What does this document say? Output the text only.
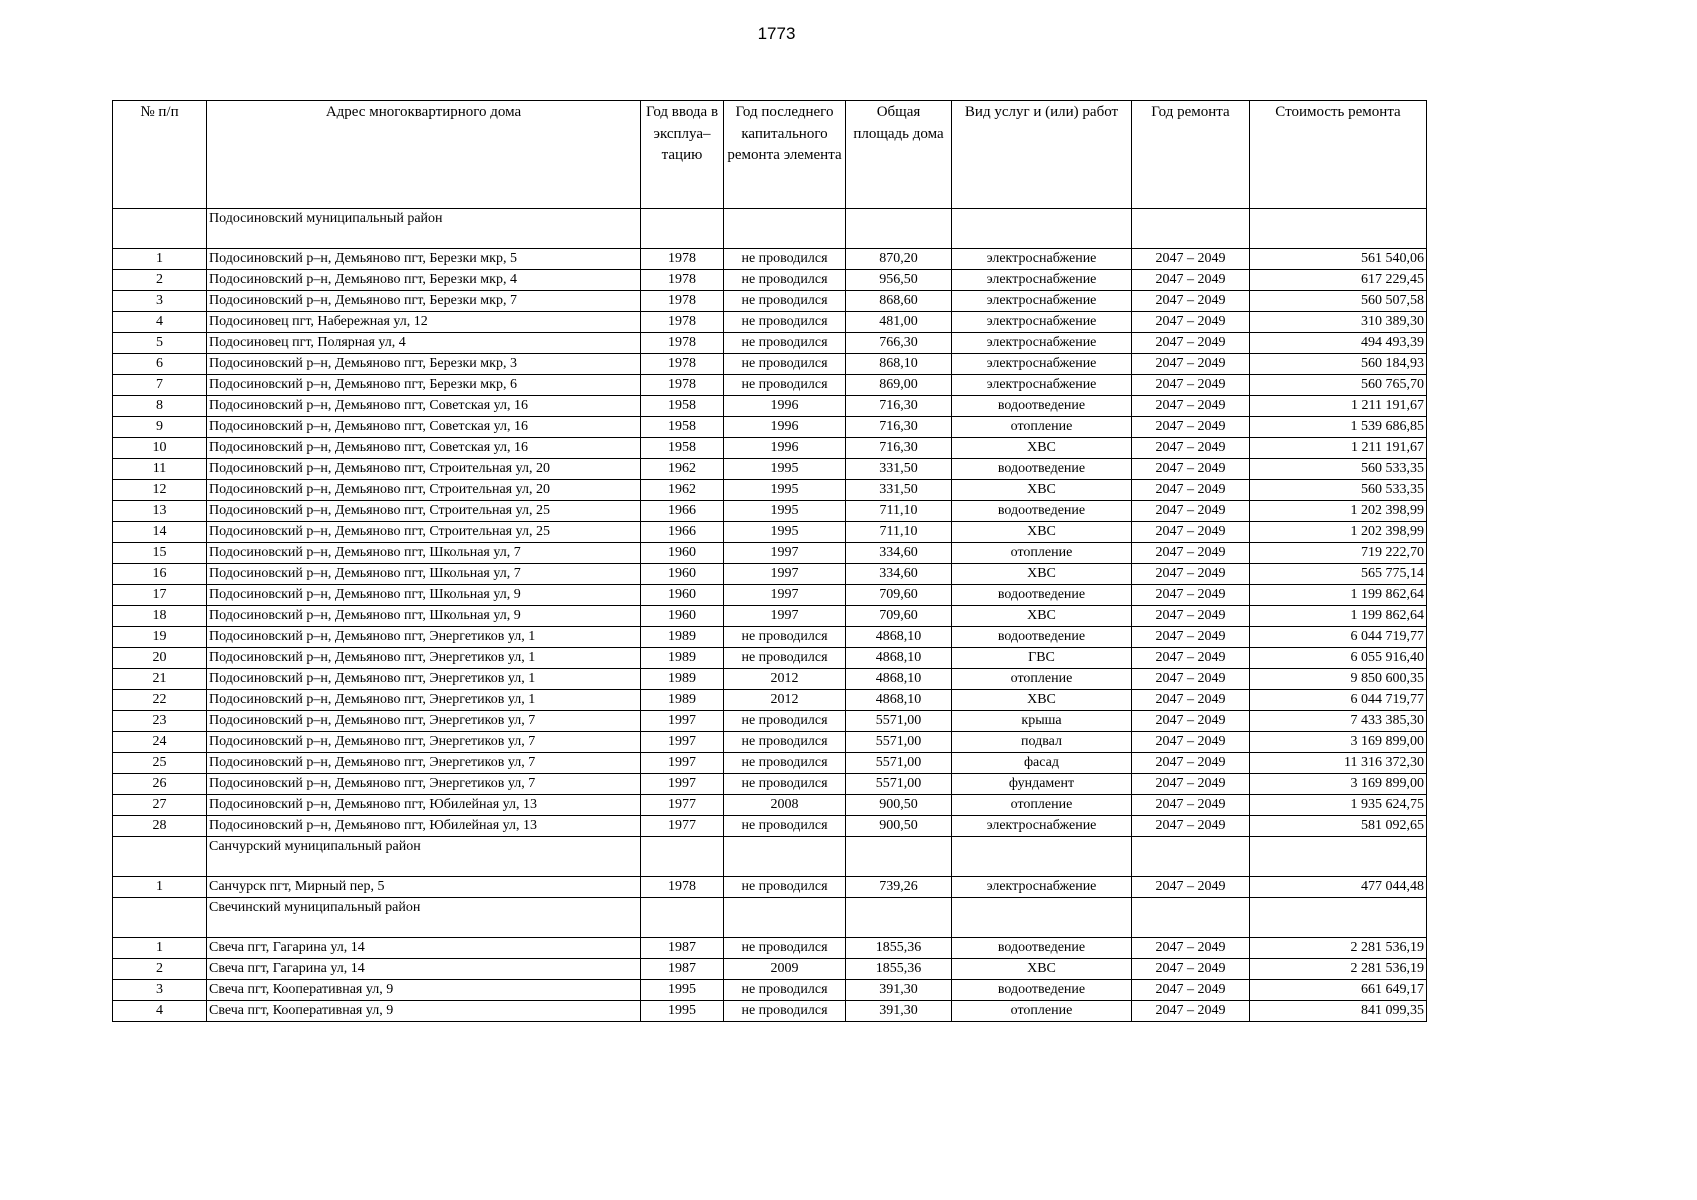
1773
№ п/п	Адрес многоквартирного дома	Год ввода в эксплуа– тацию	Год последнего капитального ремонта элемента	Общая площадь дома	Вид услуг и (или) работ	Год ремонта	Стоимость ремонта
	Подосиновский муниципальный район						
1	Подосиновский р–н, Демьяново пгт, Березки мкр, 5	1978	не проводился	870,20	электроснабжение	2047 – 2049	561 540,06
2	Подосиновский р–н, Демьяново пгт, Березки мкр, 4	1978	не проводился	956,50	электроснабжение	2047 – 2049	617 229,45
3	Подосиновский р–н, Демьяново пгт, Березки мкр, 7	1978	не проводился	868,60	электроснабжение	2047 – 2049	560 507,58
4	Подосиновец пгт, Набережная ул, 12	1978	не проводился	481,00	электроснабжение	2047 – 2049	310 389,30
5	Подосиновец пгт, Полярная ул, 4	1978	не проводился	766,30	электроснабжение	2047 – 2049	494 493,39
6	Подосиновский р–н, Демьяново пгт, Березки мкр, 3	1978	не проводился	868,10	электроснабжение	2047 – 2049	560 184,93
7	Подосиновский р–н, Демьяново пгт, Березки мкр, 6	1978	не проводился	869,00	электроснабжение	2047 – 2049	560 765,70
8	Подосиновский р–н, Демьяново пгт, Советская ул, 16	1958	1996	716,30	водоотведение	2047 – 2049	1 211 191,67
9	Подосиновский р–н, Демьяново пгт, Советская ул, 16	1958	1996	716,30	отопление	2047 – 2049	1 539 686,85
10	Подосиновский р–н, Демьяново пгт, Советская ул, 16	1958	1996	716,30	ХВС	2047 – 2049	1 211 191,67
11	Подосиновский р–н, Демьяново пгт, Строительная ул, 20	1962	1995	331,50	водоотведение	2047 – 2049	560 533,35
12	Подосиновский р–н, Демьяново пгт, Строительная ул, 20	1962	1995	331,50	ХВС	2047 – 2049	560 533,35
13	Подосиновский р–н, Демьяново пгт, Строительная ул, 25	1966	1995	711,10	водоотведение	2047 – 2049	1 202 398,99
14	Подосиновский р–н, Демьяново пгт, Строительная ул, 25	1966	1995	711,10	ХВС	2047 – 2049	1 202 398,99
15	Подосиновский р–н, Демьяново пгт, Школьная ул, 7	1960	1997	334,60	отопление	2047 – 2049	719 222,70
16	Подосиновский р–н, Демьяново пгт, Школьная ул, 7	1960	1997	334,60	ХВС	2047 – 2049	565 775,14
17	Подосиновский р–н, Демьяново пгт, Школьная ул, 9	1960	1997	709,60	водоотведение	2047 – 2049	1 199 862,64
18	Подосиновский р–н, Демьяново пгт, Школьная ул, 9	1960	1997	709,60	ХВС	2047 – 2049	1 199 862,64
19	Подосиновский р–н, Демьяново пгт, Энергетиков ул, 1	1989	не проводился	4868,10	водоотведение	2047 – 2049	6 044 719,77
20	Подосиновский р–н, Демьяново пгт, Энергетиков ул, 1	1989	не проводился	4868,10	ГВС	2047 – 2049	6 055 916,40
21	Подосиновский р–н, Демьяново пгт, Энергетиков ул, 1	1989	2012	4868,10	отопление	2047 – 2049	9 850 600,35
22	Подосиновский р–н, Демьяново пгт, Энергетиков ул, 1	1989	2012	4868,10	ХВС	2047 – 2049	6 044 719,77
23	Подосиновский р–н, Демьяново пгт, Энергетиков ул, 7	1997	не проводился	5571,00	крыша	2047 – 2049	7 433 385,30
24	Подосиновский р–н, Демьяново пгт, Энергетиков ул, 7	1997	не проводился	5571,00	подвал	2047 – 2049	3 169 899,00
25	Подосиновский р–н, Демьяново пгт, Энергетиков ул, 7	1997	не проводился	5571,00	фасад	2047 – 2049	11 316 372,30
26	Подосиновский р–н, Демьяново пгт, Энергетиков ул, 7	1997	не проводился	5571,00	фундамент	2047 – 2049	3 169 899,00
27	Подосиновский р–н, Демьяново пгт, Юбилейная ул, 13	1977	2008	900,50	отопление	2047 – 2049	1 935 624,75
28	Подосиновский р–н, Демьяново пгт, Юбилейная ул, 13	1977	не проводился	900,50	электроснабжение	2047 – 2049	581 092,65
	Санчурский муниципальный район						
1	Санчурск пгт, Мирный пер, 5	1978	не проводился	739,26	электроснабжение	2047 – 2049	477 044,48
	Свечинский муниципальный район						
1	Свеча пгт, Гагарина ул, 14	1987	не проводился	1855,36	водоотведение	2047 – 2049	2 281 536,19
2	Свеча пгт, Гагарина ул, 14	1987	2009	1855,36	ХВС	2047 – 2049	2 281 536,19
3	Свеча пгт, Кооперативная ул, 9	1995	не проводился	391,30	водоотведение	2047 – 2049	661 649,17
4	Свеча пгт, Кооперативная ул, 9	1995	не проводился	391,30	отопление	2047 – 2049	841 099,35
